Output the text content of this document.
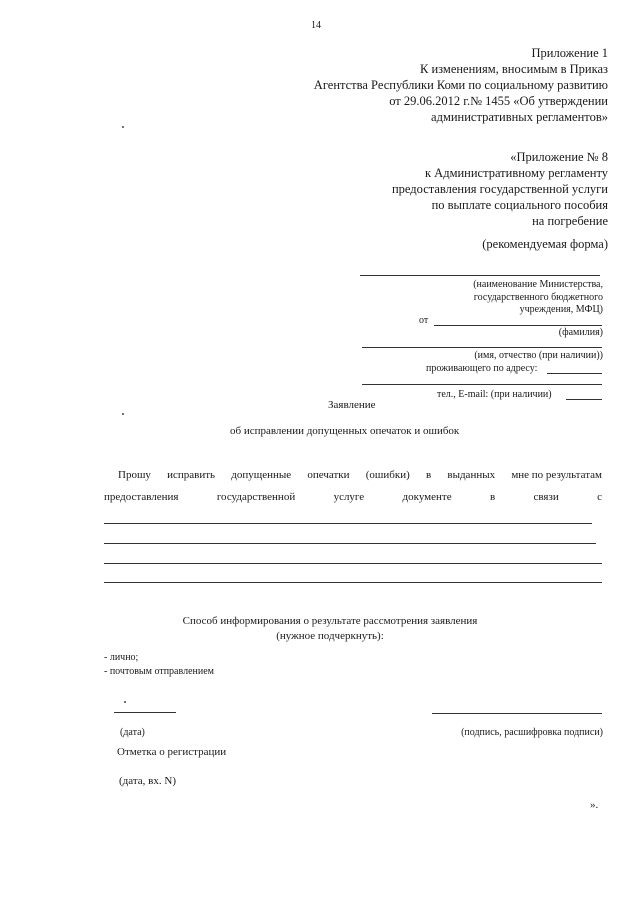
14
Приложение 1
К изменениям, вносимым в Приказ
Агентства Республики Коми по социальному развитию
от 29.06.2012 г.№ 1455 «Об утверждении
административных регламентов»
«Приложение № 8
к Административному регламенту
предоставления государственной услуги
по выплате социального пособия
на погребение
(рекомендуемая форма)
(наименование Министерства,
государственного бюджетного
учреждения, МФЦ)
от
(фамилия)
(имя, отчество (при наличии))
проживающего по адресу:
тел., E-mail: (при наличии)
Заявление
об исправлении допущенных опечаток и ошибок
Прошу исправить допущенные опечатки (ошибки) в выданных мне по результатам
предоставления	государственной	услуге	документе	в	связи	с
Способ информирования о результате рассмотрения заявления
(нужное подчеркнуть):
- лично;
- почтовым отправлением
(дата)	(подпись, расшифровка подписи)
Отметка о регистрации
(дата, вх. N)
».
